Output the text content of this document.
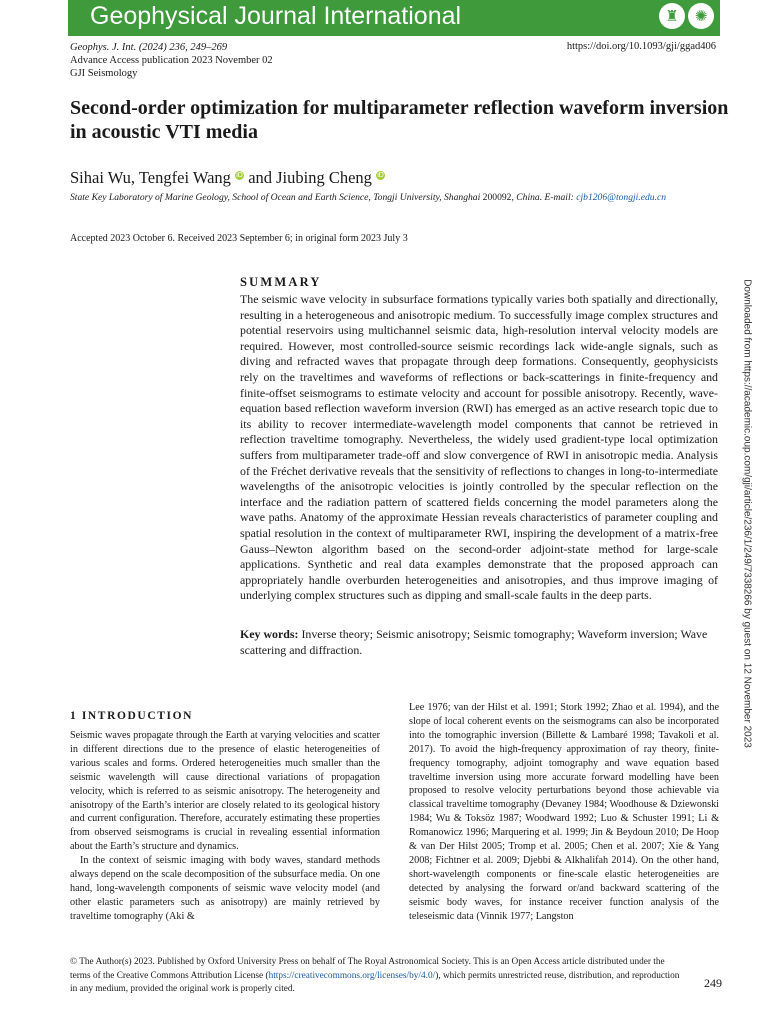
Geophysical Journal International	♜	✺
Geophys. J. Int. (2024) 236, 249–269
Advance Access publication 2023 November 02
GJI Seismology
https://doi.org/10.1093/gji/ggad406
Second-order optimization for multiparameter reflection waveform inversion in acoustic VTI media
Sihai Wu, Tengfei Wang iD and Jiubing Cheng iD
State Key Laboratory of Marine Geology, School of Ocean and Earth Science, Tongji University, Shanghai 200092, China. E-mail: cjb1206@tongji.edu.cn
Accepted 2023 October 6. Received 2023 September 6; in original form 2023 July 3
SUMMARY
The seismic wave velocity in subsurface formations typically varies both spatially and directionally, resulting in a heterogeneous and anisotropic medium. To successfully image complex structures and potential reservoirs using multichannel seismic data, high-resolution interval velocity models are required. However, most controlled-source seismic recordings lack wide-angle signals, such as diving and refracted waves that propagate through deep formations. Consequently, geophysicists rely on the traveltimes and waveforms of reflections or back-scatterings in finite-frequency and finite-offset seismograms to estimate velocity and account for possible anisotropy. Recently, wave-equation based reflection waveform inversion (RWI) has emerged as an active research topic due to its ability to recover intermediate-wavelength model components that cannot be retrieved in reflection traveltime tomography. Nevertheless, the widely used gradient-type local optimization suffers from multiparameter trade-off and slow convergence of RWI in anisotropic media. Analysis of the Fréchet derivative reveals that the sensitivity of reflections to changes in long-to-intermediate wavelengths of the anisotropic velocities is jointly controlled by the specular reflection on the interface and the radiation pattern of scattered fields concerning the model parameters along the wave paths. Anatomy of the approximate Hessian reveals characteristics of parameter coupling and spatial resolution in the context of multiparameter RWI, inspiring the development of a matrix-free Gauss–Newton algorithm based on the second-order adjoint-state method for large-scale applications. Synthetic and real data examples demonstrate that the proposed approach can appropriately handle overburden heterogeneities and anisotropies, and thus improve imaging of underlying complex structures such as dipping and small-scale faults in the deep parts.
Key words: Inverse theory; Seismic anisotropy; Seismic tomography; Waveform inversion; Wave scattering and diffraction.	Downloaded from https://academic.oup.com/gji/article/236/1/249/7338266 by guest on 12 November 2023
1 INTRODUCTION

Seismic waves propagate through the Earth at varying velocities and scatter in different directions due to the presence of elastic heterogeneities of various scales and forms. Ordered heterogeneities much smaller than the seismic wavelength will cause directional variations of propagation velocity, which is referred to as seismic anisotropy. The heterogeneity and anisotropy of the Earth’s interior are closely related to its geological history and current configuration. Therefore, accurately estimating these properties from observed seismograms is crucial in revealing essential information about the Earth’s structure and dynamics.

In the context of seismic imaging with body waves, standard methods always depend on the scale decomposition of the subsurface media. On one hand, long-wavelength components of seismic wave velocity model (and other elastic parameters such as anisotropy) are mainly retrieved by traveltime tomography (Aki &

Lee 1976; van der Hilst et al. 1991; Stork 1992; Zhao et al. 1994), and the slope of local coherent events on the seismograms can also be incorporated into the tomographic inversion (Billette & Lambaré 1998; Tavakoli et al. 2017). To avoid the high-frequency approximation of ray theory, finite-frequency tomography, adjoint tomography and wave equation based traveltime inversion using more accurate forward modelling have been proposed to resolve velocity perturbations beyond those achievable via classical traveltime tomography (Devaney 1984; Woodhouse & Dziewonski 1984; Wu & Toksöz 1987; Woodward 1992; Luo & Schuster 1991; Li & Romanowicz 1996; Marquering et al. 1999; Jin & Beydoun 2010; De Hoop & van Der Hilst 2005; Tromp et al. 2005; Chen et al. 2007; Xie & Yang 2008; Fichtner et al. 2009; Djebbi & Alkhalifah 2014). On the other hand, short-wavelength components or fine-scale elastic heterogeneities are detected by analysing the forward or/and backward scattering of the seismic body waves, for instance receiver function analysis of the teleseismic data (Vinnik 1977; Langston
© The Author(s) 2023. Published by Oxford University Press on behalf of The Royal Astronomical Society. This is an Open Access article distributed under the terms of the Creative Commons Attribution License (https://creativecommons.org/licenses/by/4.0/), which permits unrestricted reuse, distribution, and reproduction in any medium, provided the original work is properly cited.	249
